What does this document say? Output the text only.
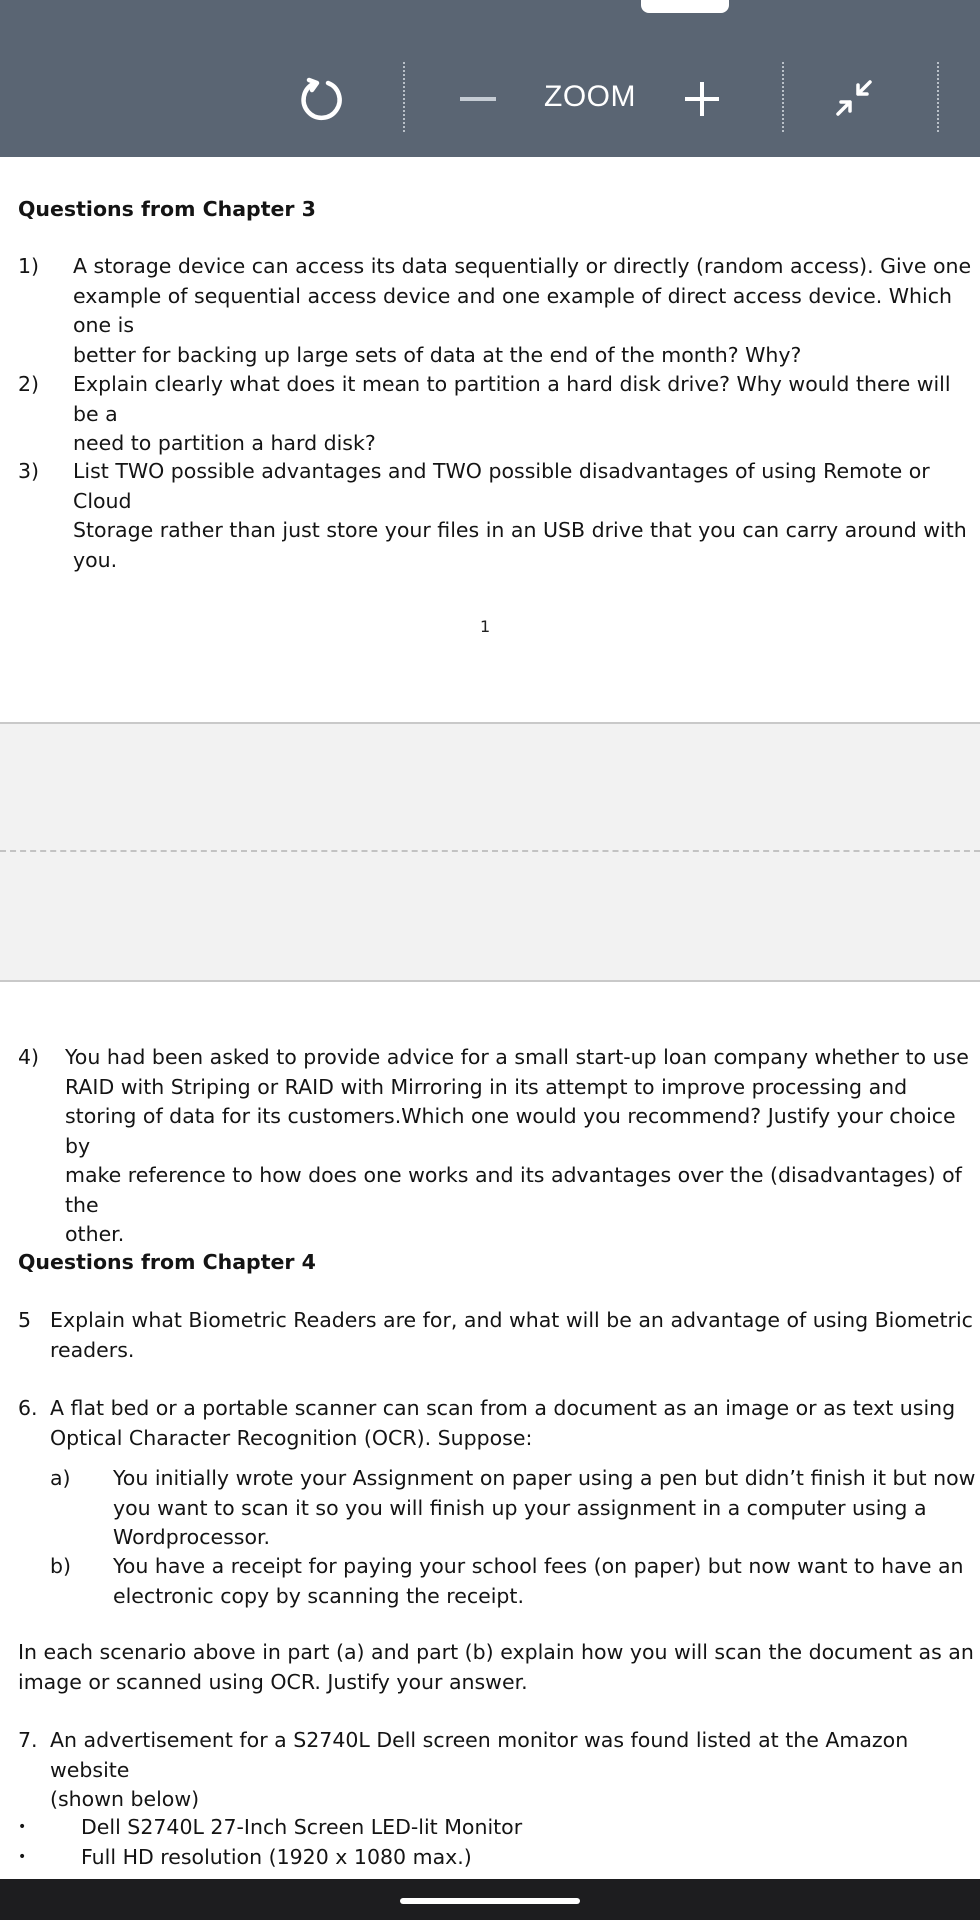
ZOOM
Questions from Chapter 3
1) A storage device can access its data sequentially or directly (random access). Give one
example of sequential access device and one example of direct access device. Which one is
better for backing up large sets of data at the end of the month? Why?
2) Explain clearly what does it mean to partition a hard disk drive? Why would there will be a
need to partition a hard disk?
3) List TWO possible advantages and TWO possible disadvantages of using Remote or Cloud
Storage rather than just store your files in an USB drive that you can carry around with
you.
1
4) You had been asked to provide advice for a small start-up loan company whether to use
RAID with Striping or RAID with Mirroring in its attempt to improve processing and
storing of data for its customers.Which one would you recommend? Justify your choice by
make reference to how does one works and its advantages over the (disadvantages) of the
other.
Questions from Chapter 4
5 Explain what Biometric Readers are for, and what will be an advantage of using Biometric
readers.
6. A flat bed or a portable scanner can scan from a document as an image or as text using
Optical Character Recognition (OCR). Suppose:
a) You initially wrote your Assignment on paper using a pen but didn’t finish it but now
you want to scan it so you will finish up your assignment in a computer using a
Wordprocessor.
b) You have a receipt for paying your school fees (on paper) but now want to have an
electronic copy by scanning the receipt.
In each scenario above in part (a) and part (b) explain how you will scan the document as an
image or scanned using OCR. Justify your answer.
7. An advertisement for a S2740L Dell screen monitor was found listed at the Amazon website
(shown below)
•	Dell S2740L 27-Inch Screen LED-lit Monitor
•	Full HD resolution (1920 x 1080 max.)
